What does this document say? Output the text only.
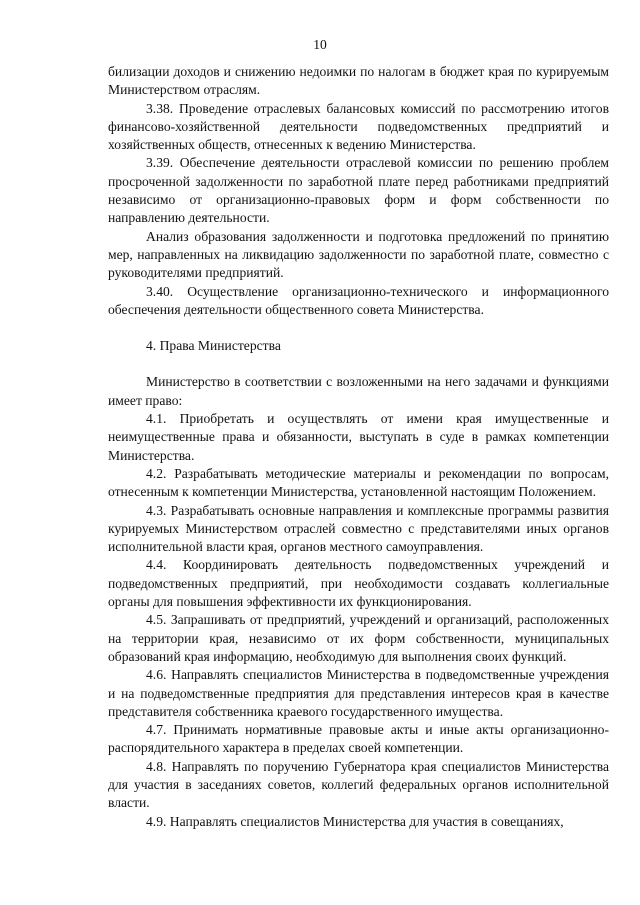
10

билизации доходов и снижению недоимки по налогам в бюджет края по курируемым Министерством отраслям.

3.38. Проведение отраслевых балансовых комиссий по рассмотрению итогов финансово-хозяйственной деятельности подведомственных предприятий и хозяйственных обществ, отнесенных к ведению Министерства.

3.39. Обеспечение деятельности отраслевой комиссии по решению проблем просроченной задолженности по заработной плате перед работниками предприятий независимо от организационно-правовых форм и форм собственности по направлению деятельности.

Анализ образования задолженности и подготовка предложений по принятию мер, направленных на ликвидацию задолженности по заработной плате, совместно с руководителями предприятий.

3.40. Осуществление организационно-технического и информационного обеспечения деятельности общественного совета Министерства.

4. Права Министерства

Министерство в соответствии с возложенными на него задачами и функциями имеет право:

4.1. Приобретать и осуществлять от имени края имущественные и неимущественные права и обязанности, выступать в суде в рамках компетенции Министерства.

4.2. Разрабатывать методические материалы и рекомендации по вопросам, отнесенным к компетенции Министерства, установленной настоящим Положением.

4.3. Разрабатывать основные направления и комплексные программы развития курируемых Министерством отраслей совместно с представителями иных органов исполнительной власти края, органов местного самоуправления.

4.4. Координировать деятельность подведомственных учреждений и подведомственных предприятий, при необходимости создавать коллегиальные органы для повышения эффективности их функционирования.

4.5. Запрашивать от предприятий, учреждений и организаций, расположенных на территории края, независимо от их форм собственности, муниципальных образований края информацию, необходимую для выполнения своих функций.

4.6. Направлять специалистов Министерства в подведомственные учреждения и на подведомственные предприятия для представления интересов края в качестве представителя собственника краевого государственного имущества.

4.7. Принимать нормативные правовые акты и иные акты организационно-распорядительного характера в пределах своей компетенции.

4.8. Направлять по поручению Губернатора края специалистов Министерства для участия в заседаниях советов, коллегий федеральных органов исполнительной власти.

4.9. Направлять специалистов Министерства для участия в совещаниях,
